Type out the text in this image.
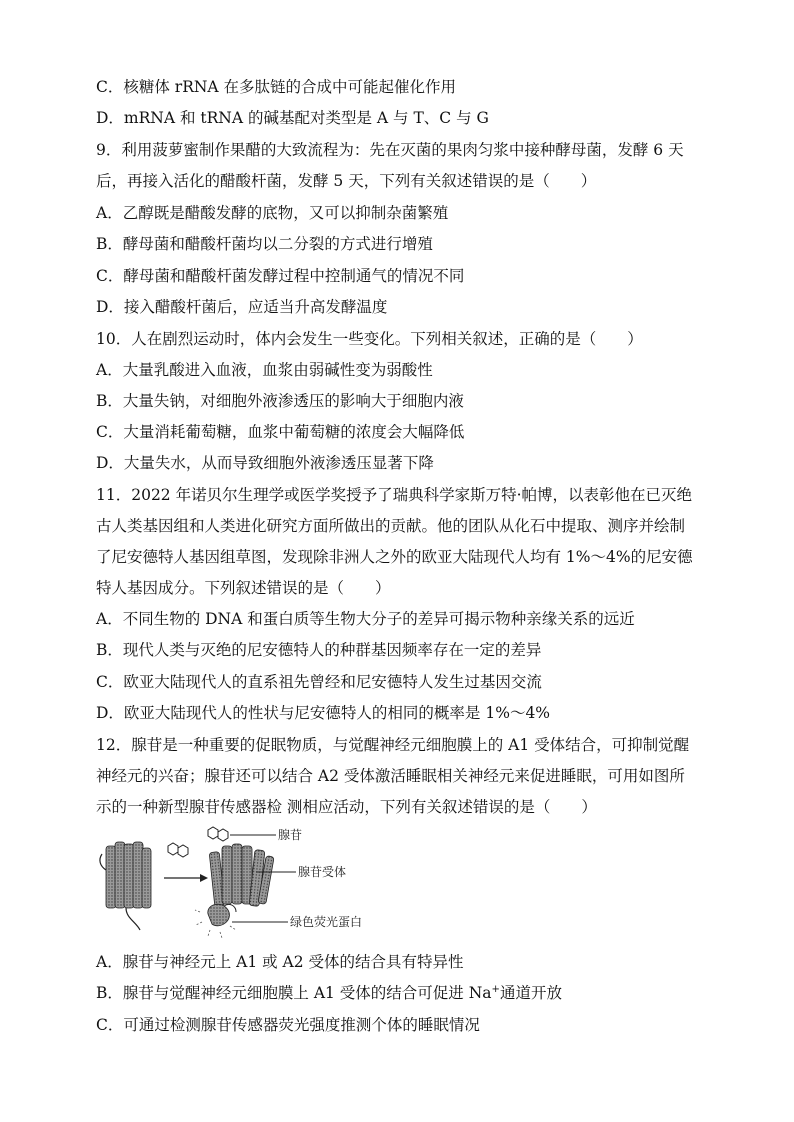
C．核糖体 rRNA 在多肽链的合成中可能起催化作用
D．mRNA 和 tRNA 的碱基配对类型是 A 与 T、C 与 G
9．利用菠萝蜜制作果醋的大致流程为：先在灭菌的果肉匀浆中接种酵母菌，发酵 6 天
后，再接入活化的醋酸杆菌，发酵 5 天，下列有关叙述错误的是（　　）
A．乙醇既是醋酸发酵的底物，又可以抑制杂菌繁殖
B．酵母菌和醋酸杆菌均以二分裂的方式进行增殖
C．酵母菌和醋酸杆菌发酵过程中控制通气的情况不同
D．接入醋酸杆菌后，应适当升高发酵温度
10．人在剧烈运动时，体内会发生一些变化。下列相关叙述，正确的是（　　）
A．大量乳酸进入血液，血浆由弱碱性变为弱酸性
B．大量失钠，对细胞外液渗透压的影响大于细胞内液
C．大量消耗葡萄糖，血浆中葡萄糖的浓度会大幅降低
D．大量失水，从而导致细胞外液渗透压显著下降
11．2022 年诺贝尔生理学或医学奖授予了瑞典科学家斯万特·帕博，以表彰他在已灭绝
古人类基因组和人类进化研究方面所做出的贡献。他的团队从化石中提取、测序并绘制
了尼安德特人基因组草图，发现除非洲人之外的欧亚大陆现代人均有 1%～4%的尼安德
特人基因成分。下列叙述错误的是（　　）
A．不同生物的 DNA 和蛋白质等生物大分子的差异可揭示物种亲缘关系的远近
B．现代人类与灭绝的尼安德特人的种群基因频率存在一定的差异
C．欧亚大陆现代人的直系祖先曾经和尼安德特人发生过基因交流
D．欧亚大陆现代人的性状与尼安德特人的相同的概率是 1%～4%
12．腺苷是一种重要的促眠物质，与觉醒神经元细胞膜上的 A1 受体结合，可抑制觉醒
神经元的兴奋；腺苷还可以结合 A2 受体激活睡眠相关神经元来促进睡眠，可用如图所
示的一种新型腺苷传感器检 测相应活动，下列有关叙述错误的是（　　）
腺苷
腺苷受体
绿色荧光蛋白
A．腺苷与神经元上 A1 或 A2 受体的结合具有特异性
B．腺苷与觉醒神经元细胞膜上 A1 受体的结合可促进 Na+通道开放
C．可通过检测腺苷传感器荧光强度推测个体的睡眠情况
